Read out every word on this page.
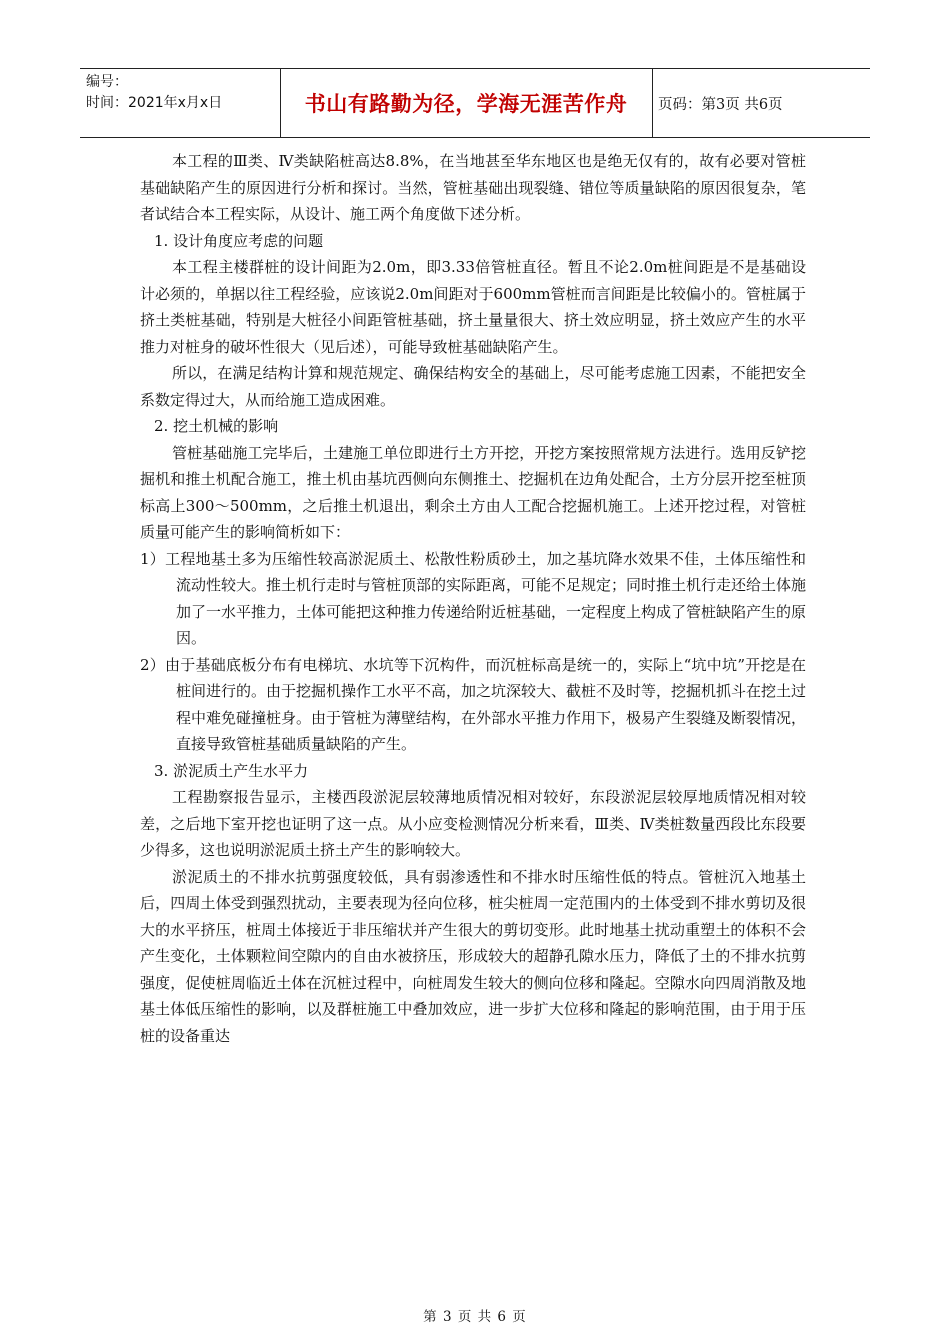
编号：
时间：2021年x月x日	书山有路勤为径，学海无涯苦作舟	页码：第3页 共6页

本工程的Ⅲ类、Ⅳ类缺陷桩高达8.8%，在当地甚至华东地区也是绝无仅有的，故有必要对管桩基础缺陷产生的原因进行分析和探讨。当然，管桩基础出现裂缝、错位等质量缺陷的原因很复杂，笔者试结合本工程实际，从设计、施工两个角度做下述分析。

1. 设计角度应考虑的问题

本工程主楼群桩的设计间距为2.0m，即3.33倍管桩直径。暂且不论2.0m桩间距是不是基础设计必须的，单据以往工程经验，应该说2.0m间距对于600mm管桩而言间距是比较偏小的。管桩属于挤土类桩基础，特别是大桩径小间距管桩基础，挤土量量很大、挤土效应明显，挤土效应产生的水平推力对桩身的破坏性很大（见后述），可能导致桩基础缺陷产生。

所以，在满足结构计算和规范规定、确保结构安全的基础上，尽可能考虑施工因素，不能把安全系数定得过大，从而给施工造成困难。

2. 挖土机械的影响

管桩基础施工完毕后，土建施工单位即进行土方开挖，开挖方案按照常规方法进行。选用反铲挖掘机和推土机配合施工，推土机由基坑西侧向东侧推土、挖掘机在边角处配合，土方分层开挖至桩顶标高上300～500mm，之后推土机退出，剩余土方由人工配合挖掘机施工。上述开挖过程，对管桩质量可能产生的影响简析如下：

1）工程地基土多为压缩性较高淤泥质土、松散性粉质砂土，加之基坑降水效果不佳，土体压缩性和流动性较大。推土机行走时与管桩顶部的实际距离，可能不足规定；同时推土机行走还给土体施加了一水平推力，土体可能把这种推力传递给附近桩基础，一定程度上构成了管桩缺陷产生的原因。

2）由于基础底板分布有电梯坑、水坑等下沉构件，而沉桩标高是统一的，实际上“坑中坑”开挖是在桩间进行的。由于挖掘机操作工水平不高，加之坑深较大、截桩不及时等，挖掘机抓斗在挖土过程中难免碰撞桩身。由于管桩为薄壁结构，在外部水平推力作用下，极易产生裂缝及断裂情况，直接导致管桩基础质量缺陷的产生。

3. 淤泥质土产生水平力

工程勘察报告显示，主楼西段淤泥层较薄地质情况相对较好，东段淤泥层较厚地质情况相对较差，之后地下室开挖也证明了这一点。从小应变检测情况分析来看，Ⅲ类、Ⅳ类桩数量西段比东段要少得多，这也说明淤泥质土挤土产生的影响较大。

淤泥质土的不排水抗剪强度较低，具有弱渗透性和不排水时压缩性低的特点。管桩沉入地基土后，四周土体受到强烈扰动，主要表现为径向位移，桩尖桩周一定范围内的土体受到不排水剪切及很大的水平挤压，桩周土体接近于非压缩状并产生很大的剪切变形。此时地基土扰动重塑土的体积不会产生变化，土体颗粒间空隙内的自由水被挤压，形成较大的超静孔隙水压力，降低了土的不排水抗剪强度，促使桩周临近土体在沉桩过程中，向桩周发生较大的侧向位移和隆起。空隙水向四周消散及地基土体低压缩性的影响，以及群桩施工中叠加效应，进一步扩大位移和隆起的影响范围，由于用于压桩的设备重达

第 3 页 共 6 页
